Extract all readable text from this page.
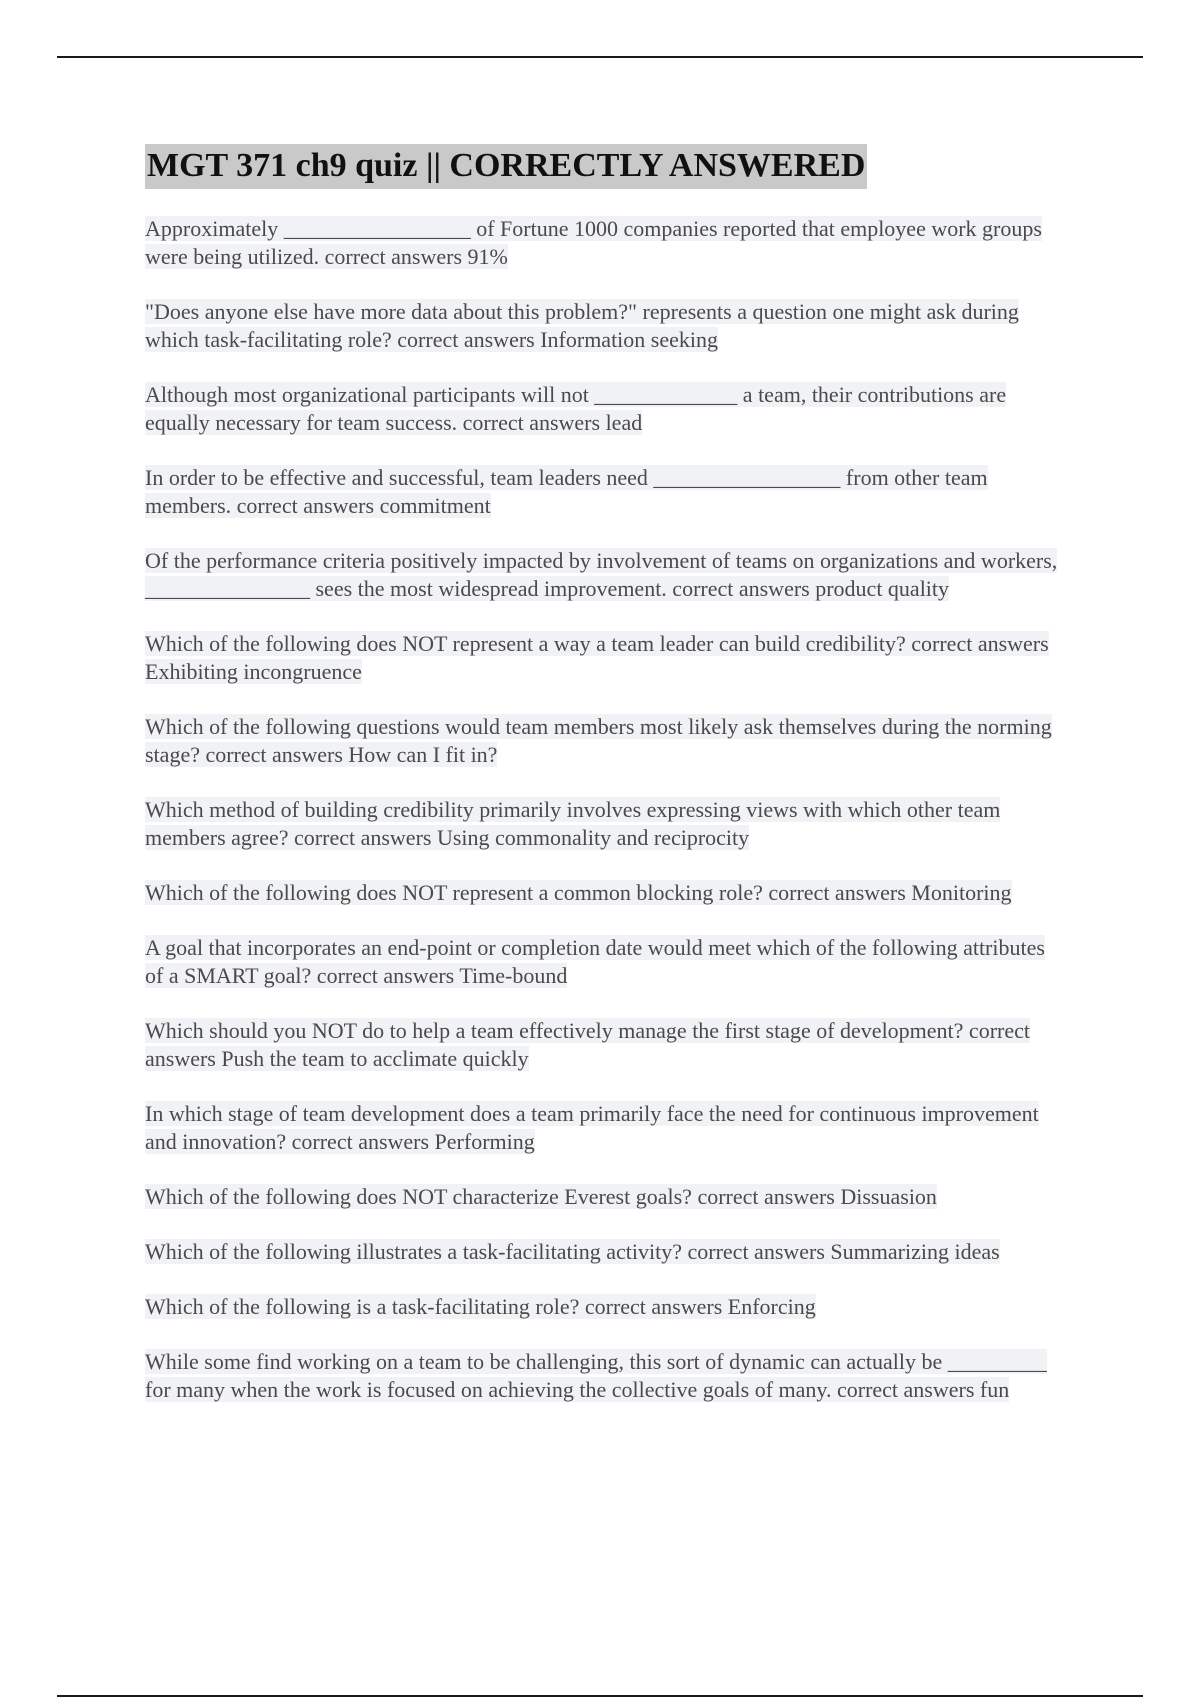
MGT 371 ch9 quiz || CORRECTLY ANSWERED
Approximately _________________ of Fortune 1000 companies reported that employee work groups were being utilized. correct answers 91%
"Does anyone else have more data about this problem?" represents a question one might ask during which task-facilitating role? correct answers Information seeking
Although most organizational participants will not _____________ a team, their contributions are equally necessary for team success. correct answers lead
In order to be effective and successful, team leaders need _________________ from other team members. correct answers commitment
Of the performance criteria positively impacted by involvement of teams on organizations and workers, _______________ sees the most widespread improvement. correct answers product quality
Which of the following does NOT represent a way a team leader can build credibility? correct answers Exhibiting incongruence
Which of the following questions would team members most likely ask themselves during the norming stage? correct answers How can I fit in?
Which method of building credibility primarily involves expressing views with which other team members agree? correct answers Using commonality and reciprocity
Which of the following does NOT represent a common blocking role? correct answers Monitoring
A goal that incorporates an end-point or completion date would meet which of the following attributes of a SMART goal? correct answers Time-bound
Which should you NOT do to help a team effectively manage the first stage of development? correct answers Push the team to acclimate quickly
In which stage of team development does a team primarily face the need for continuous improvement and innovation? correct answers Performing
Which of the following does NOT characterize Everest goals? correct answers Dissuasion
Which of the following illustrates a task-facilitating activity? correct answers Summarizing ideas
Which of the following is a task-facilitating role? correct answers Enforcing
While some find working on a team to be challenging, this sort of dynamic can actually be _________ for many when the work is focused on achieving the collective goals of many. correct answers fun
